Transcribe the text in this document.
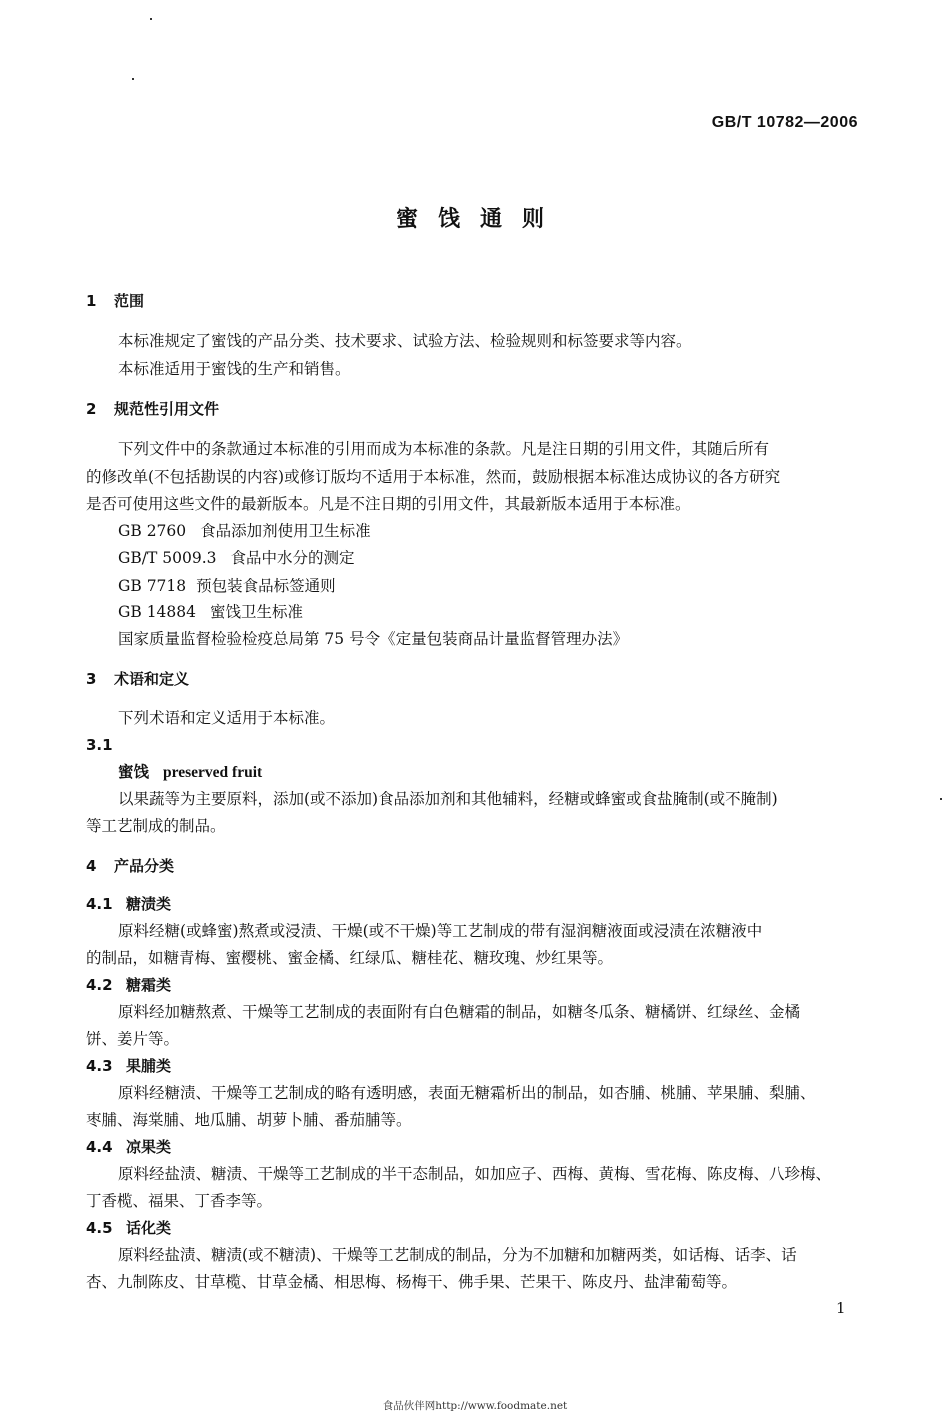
GB/T 10782—2006
蜜饯通则
1 范围
本标准规定了蜜饯的产品分类、技术要求、试验方法、检验规则和标签要求等内容。
本标准适用于蜜饯的生产和销售。
2 规范性引用文件
下列文件中的条款通过本标准的引用而成为本标准的条款。凡是注日期的引用文件，其随后所有
的修改单(不包括勘误的内容)或修订版均不适用于本标准，然而，鼓励根据本标准达成协议的各方研究
是否可使用这些文件的最新版本。凡是不注日期的引用文件，其最新版本适用于本标准。
GB 2760 食品添加剂使用卫生标准
GB/T 5009.3 食品中水分的测定
GB 7718 预包装食品标签通则
GB 14884 蜜饯卫生标准
国家质量监督检验检疫总局第 75 号令《定量包装商品计量监督管理办法》
3 术语和定义
下列术语和定义适用于本标准。
3.1
蜜饯 preserved fruit
以果蔬等为主要原料，添加(或不添加)食品添加剂和其他辅料，经糖或蜂蜜或食盐腌制(或不腌制)
等工艺制成的制品。
4 产品分类
4.1 糖渍类
原料经糖(或蜂蜜)熬煮或浸渍、干燥(或不干燥)等工艺制成的带有湿润糖液面或浸渍在浓糖液中
的制品，如糖青梅、蜜樱桃、蜜金橘、红绿瓜、糖桂花、糖玫瑰、炒红果等。
4.2 糖霜类
原料经加糖熬煮、干燥等工艺制成的表面附有白色糖霜的制品，如糖冬瓜条、糖橘饼、红绿丝、金橘
饼、姜片等。
4.3 果脯类
原料经糖渍、干燥等工艺制成的略有透明感，表面无糖霜析出的制品，如杏脯、桃脯、苹果脯、梨脯、
枣脯、海棠脯、地瓜脯、胡萝卜脯、番茄脯等。
4.4 凉果类
原料经盐渍、糖渍、干燥等工艺制成的半干态制品，如加应子、西梅、黄梅、雪花梅、陈皮梅、八珍梅、
丁香榄、福果、丁香李等。
4.5 话化类
原料经盐渍、糖渍(或不糖渍)、干燥等工艺制成的制品，分为不加糖和加糖两类，如话梅、话李、话
杏、九制陈皮、甘草榄、甘草金橘、相思梅、杨梅干、佛手果、芒果干、陈皮丹、盐津葡萄等。
1
食品伙伴网http://www.foodmate.net
